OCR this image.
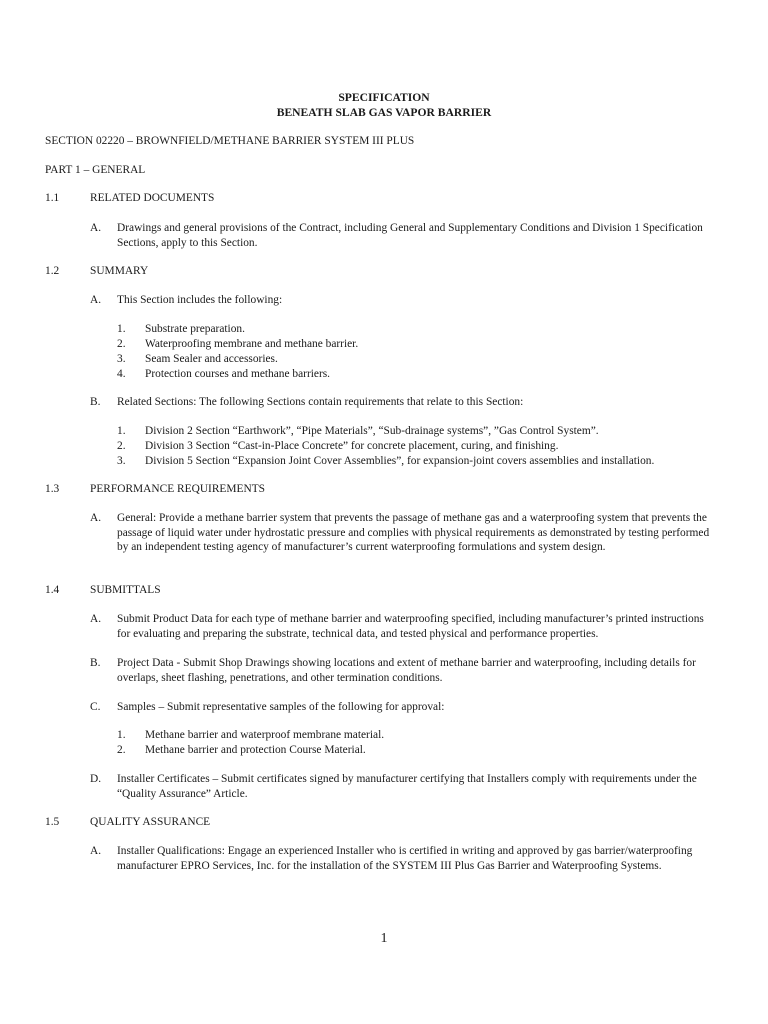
SPECIFICATION
BENEATH SLAB GAS VAPOR BARRIER
SECTION 02220 – BROWNFIELD/METHANE BARRIER SYSTEM III PLUS
PART 1 – GENERAL
1.1	RELATED DOCUMENTS
A. Drawings and general provisions of the Contract, including General and Supplementary Conditions and Division 1 Specification Sections, apply to this Section.
1.2	SUMMARY
A. This Section includes the following:
1. Substrate preparation.
2. Waterproofing membrane and methane barrier.
3. Seam Sealer and accessories.
4. Protection courses and methane barriers.
B. Related Sections: The following Sections contain requirements that relate to this Section:
1. Division 2 Section “Earthwork”, “Pipe Materials”, “Sub-drainage systems”, ”Gas Control System”.
2. Division 3 Section “Cast-in-Place Concrete” for concrete placement, curing, and finishing.
3. Division 5 Section “Expansion Joint Cover Assemblies”, for expansion-joint covers assemblies and installation.
1.3	PERFORMANCE REQUIREMENTS
A. General: Provide a methane barrier system that prevents the passage of methane gas and a waterproofing system that prevents the passage of liquid water under hydrostatic pressure and complies with physical requirements as demonstrated by testing performed by an independent testing agency of manufacturer’s current waterproofing formulations and system design.
1.4	SUBMITTALS
A. Submit Product Data for each type of methane barrier and waterproofing specified, including manufacturer’s printed instructions for evaluating and preparing the substrate, technical data, and tested physical and performance properties.
B. Project Data - Submit Shop Drawings showing locations and extent of methane barrier and waterproofing, including details for overlaps, sheet flashing, penetrations, and other termination conditions.
C. Samples – Submit representative samples of the following for approval:
1. Methane barrier and waterproof membrane material.
2. Methane barrier and protection Course Material.
D. Installer Certificates – Submit certificates signed by manufacturer certifying that Installers comply with requirements under the “Quality Assurance” Article.
1.5	QUALITY ASSURANCE
A. Installer Qualifications: Engage an experienced Installer who is certified in writing and approved by gas barrier/waterproofing manufacturer EPRO Services, Inc. for the installation of the SYSTEM III Plus Gas Barrier and Waterproofing Systems.
1
